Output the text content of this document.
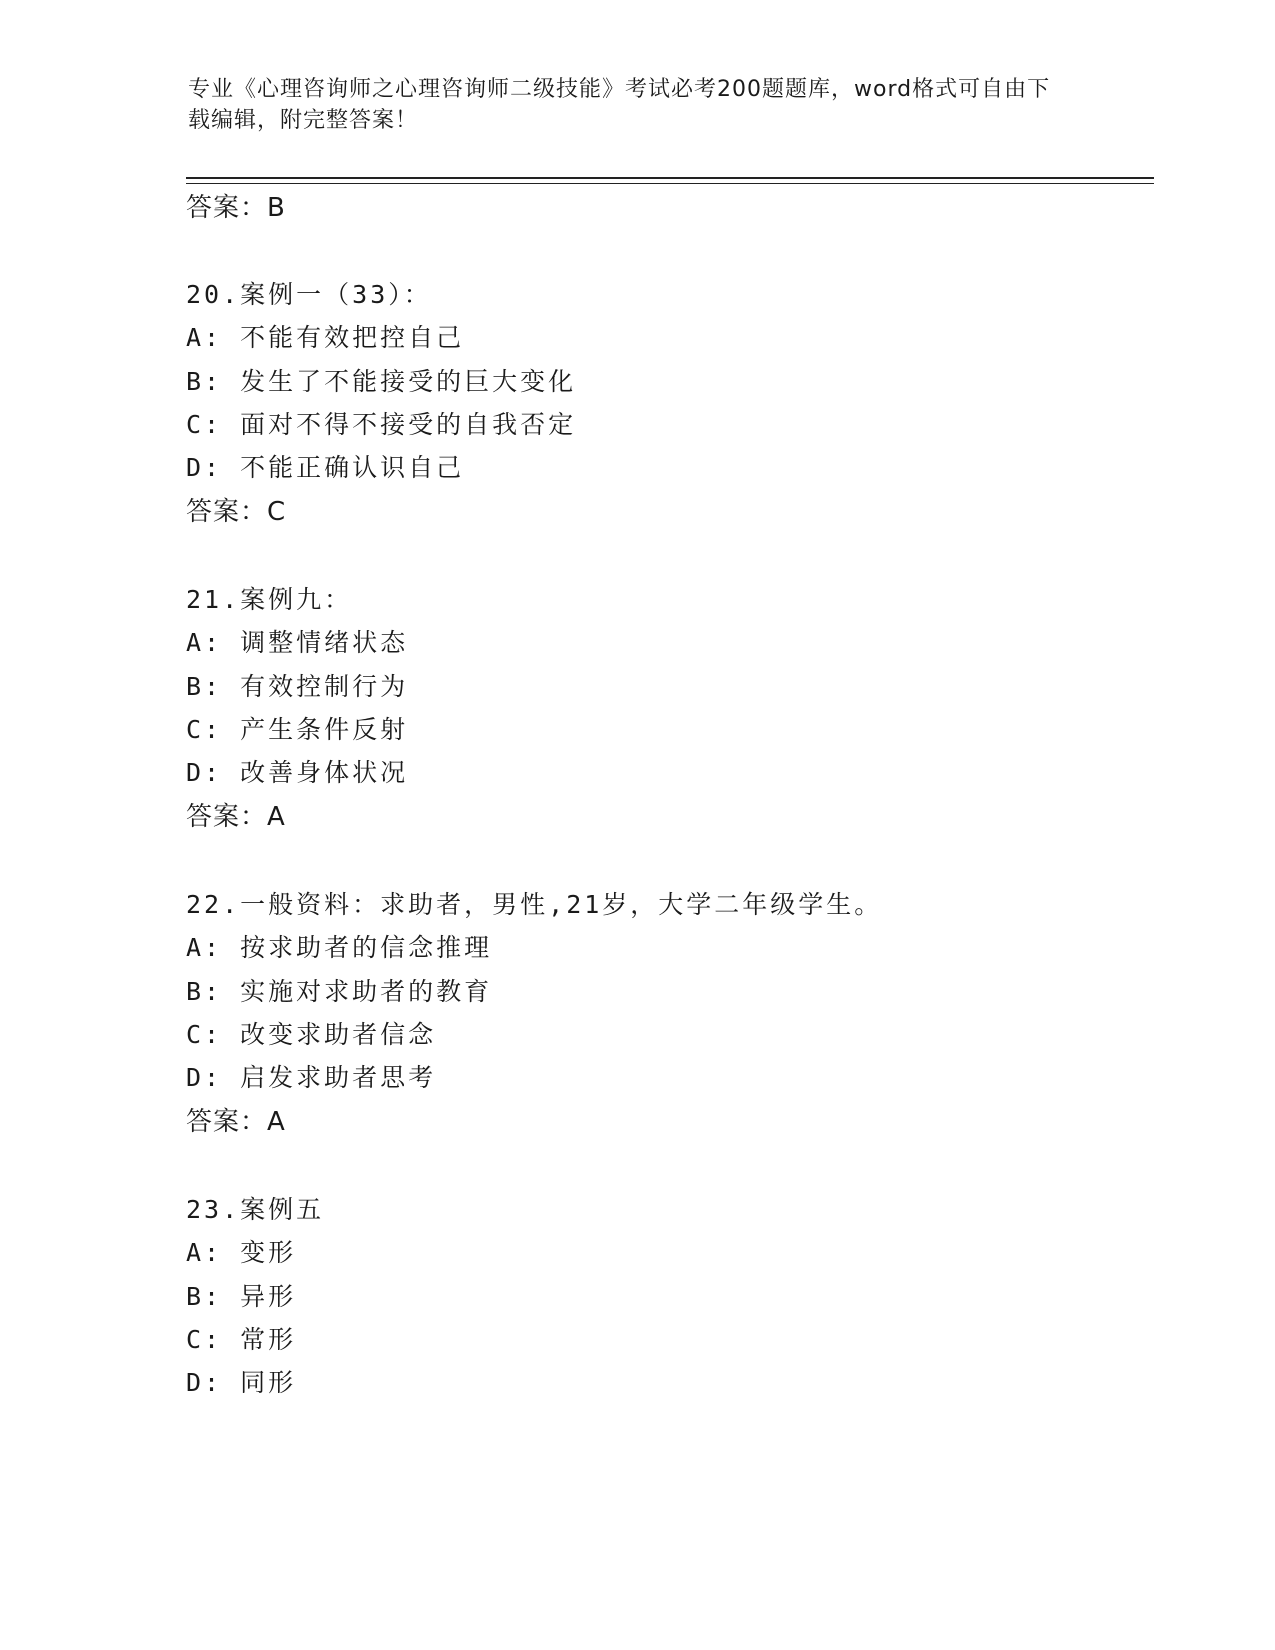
专业《心理咨询师之心理咨询师二级技能》考试必考200题题库，word格式可自由下载编辑，附完整答案！
答案：B
20.案例一（33）：
A: 不能有效把控自己
B: 发生了不能接受的巨大变化
C: 面对不得不接受的自我否定
D: 不能正确认识自己
答案：C
21.案例九：
A: 调整情绪状态
B: 有效控制行为
C: 产生条件反射
D: 改善身体状况
答案：A
22.一般资料：求助者，男性,21岁，大学二年级学生。
A: 按求助者的信念推理
B: 实施对求助者的教育
C: 改变求助者信念
D: 启发求助者思考
答案：A
23.案例五
A: 变形
B: 异形
C: 常形
D: 同形
